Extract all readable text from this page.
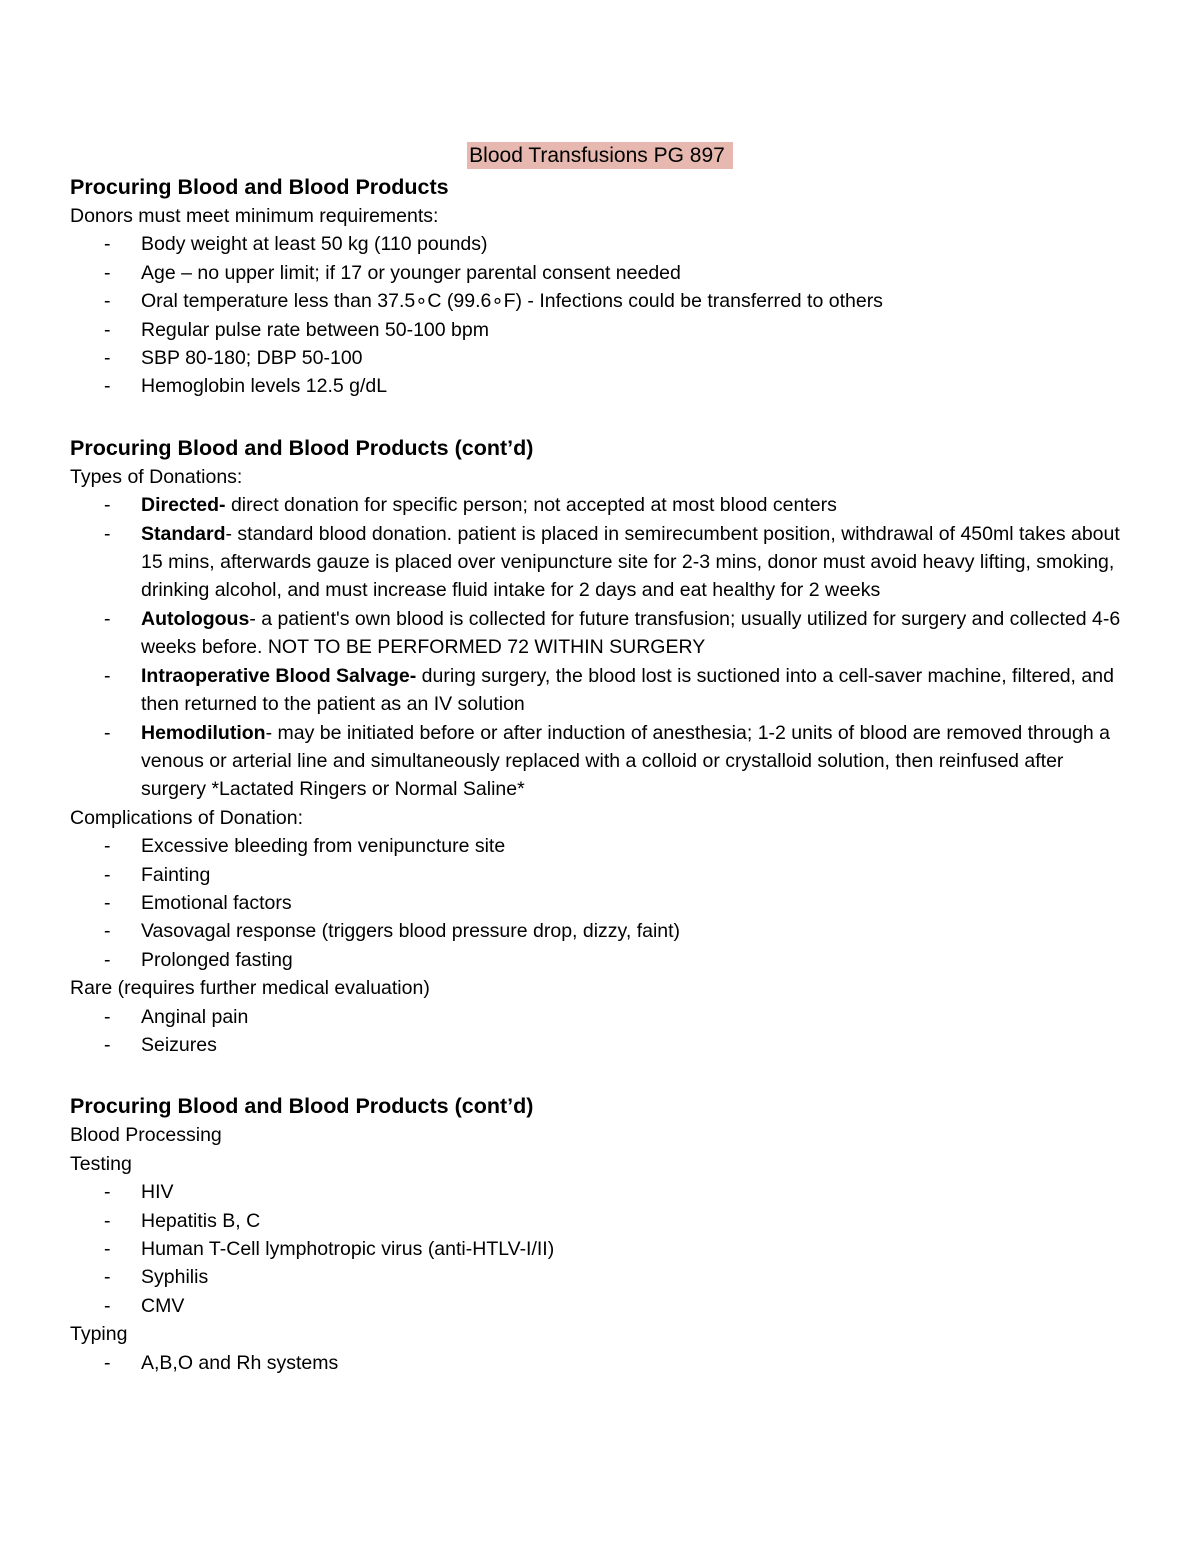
Blood Transfusions PG 897
Procuring Blood and Blood Products
Donors must meet minimum requirements:
- Body weight at least 50 kg (110 pounds)
- Age – no upper limit; if 17 or younger parental consent needed
- Oral temperature less than 37.5∘C (99.6∘F) - Infections could be transferred to others
- Regular pulse rate between 50-100 bpm
- SBP 80-180; DBP 50-100
- Hemoglobin levels 12.5 g/dL
Procuring Blood and Blood Products (cont’d)
Types of Donations:
- Directed- direct donation for specific person; not accepted at most blood centers
- Standard- standard blood donation. patient is placed in semirecumbent position, withdrawal of 450ml takes about 15 mins, afterwards gauze is placed over venipuncture site for 2-3 mins, donor must avoid heavy lifting, smoking, drinking alcohol, and must increase fluid intake for 2 days and eat healthy for 2 weeks
- Autologous- a patient's own blood is collected for future transfusion; usually utilized for surgery and collected 4-6 weeks before. NOT TO BE PERFORMED 72 WITHIN SURGERY
- Intraoperative Blood Salvage- during surgery, the blood lost is suctioned into a cell-saver machine, filtered, and then returned to the patient as an IV solution
- Hemodilution- may be initiated before or after induction of anesthesia; 1-2 units of blood are removed through a venous or arterial line and simultaneously replaced with a colloid or crystalloid solution, then reinfused after surgery *Lactated Ringers or Normal Saline*
Complications of Donation:
- Excessive bleeding from venipuncture site
- Fainting
- Emotional factors
- Vasovagal response (triggers blood pressure drop, dizzy, faint)
- Prolonged fasting
Rare (requires further medical evaluation)
- Anginal pain
- Seizures
Procuring Blood and Blood Products (cont’d)
Blood Processing
Testing
- HIV
- Hepatitis B, C
- Human T-Cell lymphotropic virus (anti-HTLV-I/II)
- Syphilis
- CMV
Typing
- A,B,O and Rh systems
